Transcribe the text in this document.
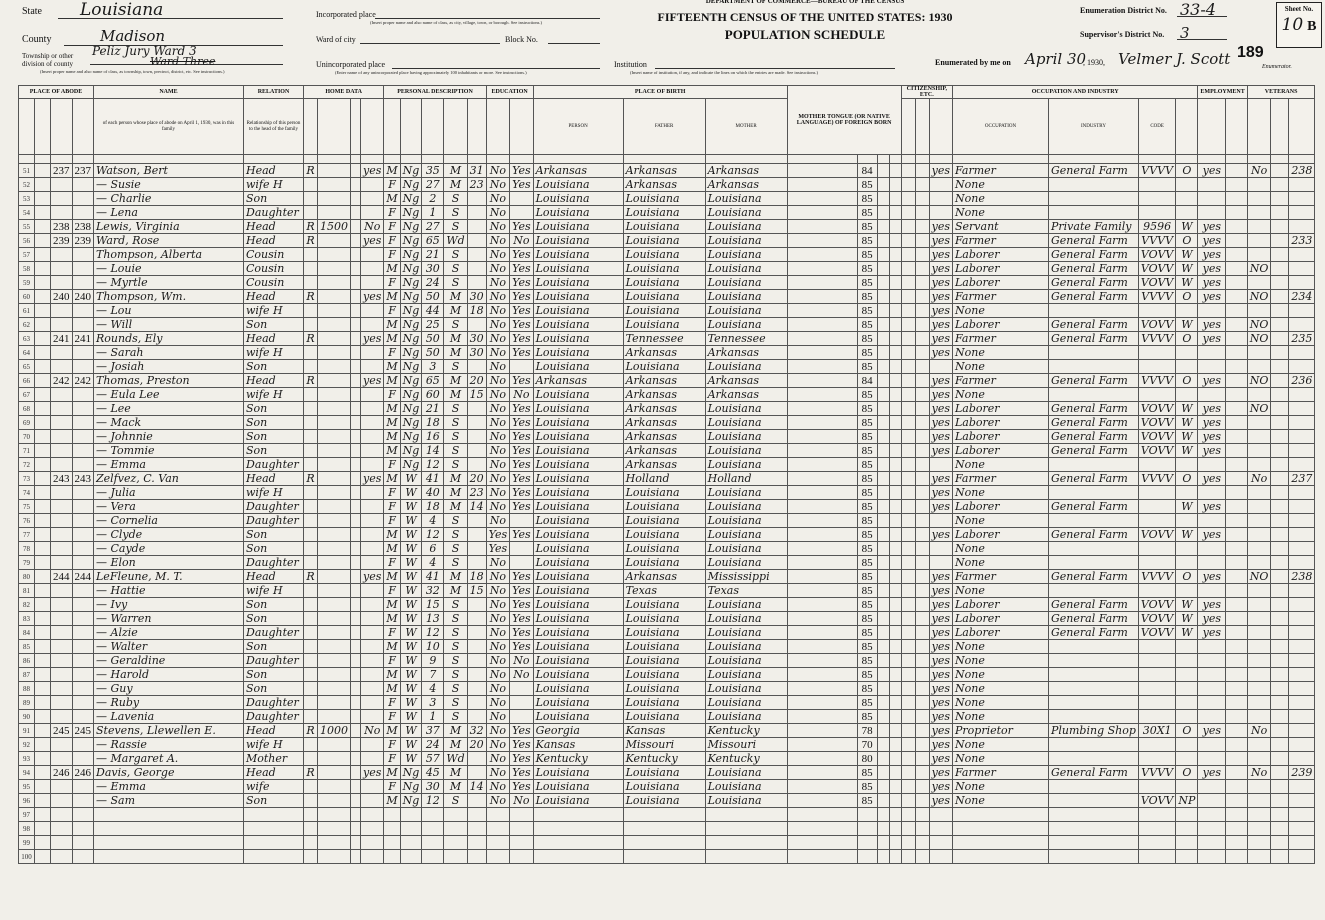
State Louisiana
County	Madison
Township or other division of county
Peliz Jury Ward 3
Ward Three
(Insert proper name and also name of class, as township, town, precinct, district, etc. See instructions.)
Incorporated place
(Insert proper name and also name of class, as city, village, town, or borough. See instructions.)
Ward of city	Block No.
Unincorporated place
(Enter name of any unincorporated place having approximately 100 inhabitants or more. See instructions.)
Institution
(Insert name of institution, if any, and indicate the lines on which the entries are made. See instructions.)
DEPARTMENT OF COMMERCE—BUREAU OF THE CENSUS
FIFTEENTH CENSUS OF THE UNITED STATES: 1930
POPULATION SCHEDULE
Enumeration District No. 33-4
Supervisor's District No. 3
Sheet No.
10 B
189
Enumerated by me on April 30
, 1930, Velmer J. Scott	Enumerator.
PLACE OF ABODE				NAME	RELATION	HOME DATA				PERSONAL DESCRIPTION					EDUCATION		PLACE OF BIRTH			MOTHER TONGUE (OR NATIVE LANGUAGE) OF FOREIGN BORN				CITIZENSHIP, ETC.			OCCUPATION AND INDUSTRY				EMPLOYMENT		VETERANS		
				of each person whose place of abode on April 1, 1930, was in this family	Relationship of this person to the head of the family												PERSON	FATHER	MOTHER								OCCUPATION	INDUSTRY	CODE						

51		237	237	Watson, Bert	Head	R			yes	M	Ng	35	M	31	No	Yes	Arkansas	Arkansas	Arkansas		84					yes	Farmer	General Farm	VVVV	O	yes		No		238
52				— Susie	wife H					F	Ng	27	M	23	No	Yes	Louisiana	Arkansas	Arkansas		85						None								
53				— Charlie	Son					M	Ng	2	S		No		Louisiana	Louisiana	Louisiana		85						None								
54				— Lena	Daughter					F	Ng	1	S		No		Louisiana	Louisiana	Louisiana		85						None								
55		238	238	Lewis, Virginia	Head	R	1500		No	F	Ng	27	S		No	Yes	Louisiana	Louisiana	Louisiana		85					yes	Servant	Private Family	9596	W	yes				
56		239	239	Ward, Rose	Head	R			yes	F	Ng	65	Wd		No	No	Louisiana	Louisiana	Louisiana		85					yes	Farmer	General Farm	VVVV	O	yes				233
57				Thompson, Alberta	Cousin					F	Ng	21	S		No	Yes	Louisiana	Louisiana	Louisiana		85					yes	Laborer	General Farm	VOVV	W	yes				
58				— Louie	Cousin					M	Ng	30	S		No	Yes	Louisiana	Louisiana	Louisiana		85					yes	Laborer	General Farm	VOVV	W	yes		NO		
59				— Myrtle	Cousin					F	Ng	24	S		No	Yes	Louisiana	Louisiana	Louisiana		85					yes	Laborer	General Farm	VOVV	W	yes				
60		240	240	Thompson, Wm.	Head	R			yes	M	Ng	50	M	30	No	Yes	Louisiana	Louisiana	Louisiana		85					yes	Farmer	General Farm	VVVV	O	yes		NO		234
61				— Lou	wife H					F	Ng	44	M	18	No	Yes	Louisiana	Louisiana	Louisiana		85					yes	None								
62				— Will	Son					M	Ng	25	S		No	Yes	Louisiana	Louisiana	Louisiana		85					yes	Laborer	General Farm	VOVV	W	yes		NO		
63		241	241	Rounds, Ely	Head	R			yes	M	Ng	50	M	30	No	Yes	Louisiana	Tennessee	Tennessee		85					yes	Farmer	General Farm	VVVV	O	yes		NO		235
64				— Sarah	wife H					F	Ng	50	M	30	No	Yes	Louisiana	Arkansas	Arkansas		85					yes	None								
65				— Josiah	Son					M	Ng	3	S		No		Louisiana	Louisiana	Louisiana		85						None								
66		242	242	Thomas, Preston	Head	R			yes	M	Ng	65	M	20	No	Yes	Arkansas	Arkansas	Arkansas		84					yes	Farmer	General Farm	VVVV	O	yes		NO		236
67				— Eula Lee	wife H					F	Ng	60	M	15	No	No	Louisiana	Arkansas	Arkansas		85					yes	None								
68				— Lee	Son					M	Ng	21	S		No	Yes	Louisiana	Arkansas	Louisiana		85					yes	Laborer	General Farm	VOVV	W	yes		NO		
69				— Mack	Son					M	Ng	18	S		No	Yes	Louisiana	Arkansas	Louisiana		85					yes	Laborer	General Farm	VOVV	W	yes				
70				— Johnnie	Son					M	Ng	16	S		No	Yes	Louisiana	Arkansas	Louisiana		85					yes	Laborer	General Farm	VOVV	W	yes				
71				— Tommie	Son					M	Ng	14	S		No	Yes	Louisiana	Arkansas	Louisiana		85					yes	Laborer	General Farm	VOVV	W	yes				
72				— Emma	Daughter					F	Ng	12	S		No	Yes	Louisiana	Arkansas	Louisiana		85						None								
73		243	243	Zelfvez, C. Van	Head	R			yes	M	W	41	M	20	No	Yes	Louisiana	Holland	Holland		85					yes	Farmer	General Farm	VVVV	O	yes		No		237
74				— Julia	wife H					F	W	40	M	23	No	Yes	Louisiana	Louisiana	Louisiana		85					yes	None								
75				— Vera	Daughter					F	W	18	M	14	No	Yes	Louisiana	Louisiana	Louisiana		85					yes	Laborer	General Farm		W	yes				
76				— Cornelia	Daughter					F	W	4	S		No		Louisiana	Louisiana	Louisiana		85						None								
77				— Clyde	Son					M	W	12	S		Yes	Yes	Louisiana	Louisiana	Louisiana		85					yes	Laborer	General Farm	VOVV	W	yes				
78				— Cayde	Son					M	W	6	S		Yes		Louisiana	Louisiana	Louisiana		85						None								
79				— Elon	Daughter					F	W	4	S		No		Louisiana	Louisiana	Louisiana		85						None								
80		244	244	LeFleune, M. T.	Head	R			yes	M	W	41	M	18	No	Yes	Louisiana	Arkansas	Mississippi		85					yes	Farmer	General Farm	VVVV	O	yes		NO		238
81				— Hattie	wife H					F	W	32	M	15	No	Yes	Louisiana	Texas	Texas		85					yes	None								
82				— Ivy	Son					M	W	15	S		No	Yes	Louisiana	Louisiana	Louisiana		85					yes	Laborer	General Farm	VOVV	W	yes				
83				— Warren	Son					M	W	13	S		No	Yes	Louisiana	Louisiana	Louisiana		85					yes	Laborer	General Farm	VOVV	W	yes				
84				— Alzie	Daughter					F	W	12	S		No	Yes	Louisiana	Louisiana	Louisiana		85					yes	Laborer	General Farm	VOVV	W	yes				
85				— Walter	Son					M	W	10	S		No	Yes	Louisiana	Louisiana	Louisiana		85					yes	None								
86				— Geraldine	Daughter					F	W	9	S		No	No	Louisiana	Louisiana	Louisiana		85					yes	None								
87				— Harold	Son					M	W	7	S		No	No	Louisiana	Louisiana	Louisiana		85					yes	None								
88				— Guy	Son					M	W	4	S		No		Louisiana	Louisiana	Louisiana		85					yes	None								
89				— Ruby	Daughter					F	W	3	S		No		Louisiana	Louisiana	Louisiana		85					yes	None								
90				— Lavenia	Daughter					F	W	1	S		No		Louisiana	Louisiana	Louisiana		85					yes	None								
91		245	245	Stevens, Llewellen E.	Head	R	1000		No	M	W	37	M	32	No	Yes	Georgia	Kansas	Kentucky		78					yes	Proprietor	Plumbing Shop	30X1	O	yes		No		
92				— Rassie	wife H					F	W	24	M	20	No	Yes	Kansas	Missouri	Missouri		70					yes	None								
93				— Margaret A.	Mother					F	W	57	Wd		No	Yes	Kentucky	Kentucky	Kentucky		80					yes	None								
94		246	246	Davis, George	Head	R			yes	M	Ng	45	M		No	Yes	Louisiana	Louisiana	Louisiana		85					yes	Farmer	General Farm	VVVV	O	yes		No		239
95				— Emma	wife					F	Ng	30	M	14	No	Yes	Louisiana	Louisiana	Louisiana		85					yes	None								
96				— Sam	Son					M	Ng	12	S		No	No	Louisiana	Louisiana	Louisiana		85					yes	None		VOVV	NP					
97																																			
98																																			
99																																			
100																																			
